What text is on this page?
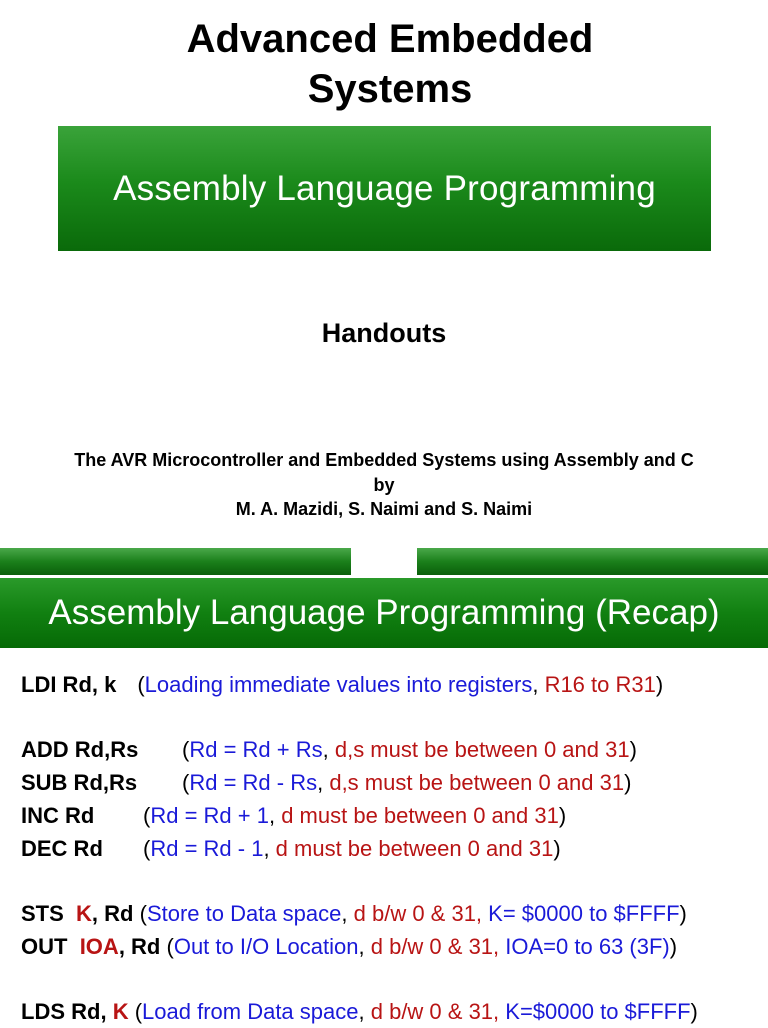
Advanced Embedded
Systems
Assembly Language Programming
Handouts
The AVR Microcontroller and Embedded Systems using Assembly and C
by
M. A. Mazidi, S. Naimi and S. Naimi
Assembly Language Programming (Recap)
LDI Rd, k (Loading immediate values into registers, R16 to R31)
ADD Rd,Rs (Rd = Rd + Rs, d,s must be between 0 and 31)
SUB Rd,Rs (Rd = Rd - Rs, d,s must be between 0 and 31)
INC Rd (Rd = Rd + 1, d must be between 0 and 31)
DEC Rd (Rd = Rd - 1, d must be between 0 and 31)
STS K, Rd (Store to Data space, d b/w 0 & 31, K= $0000 to $FFFF)
OUT IOA, Rd (Out to I/O Location, d b/w 0 & 31, IOA=0 to 63 (3F))
LDS Rd, K (Load from Data space, d b/w 0 & 31, K=$0000 to $FFFF)
